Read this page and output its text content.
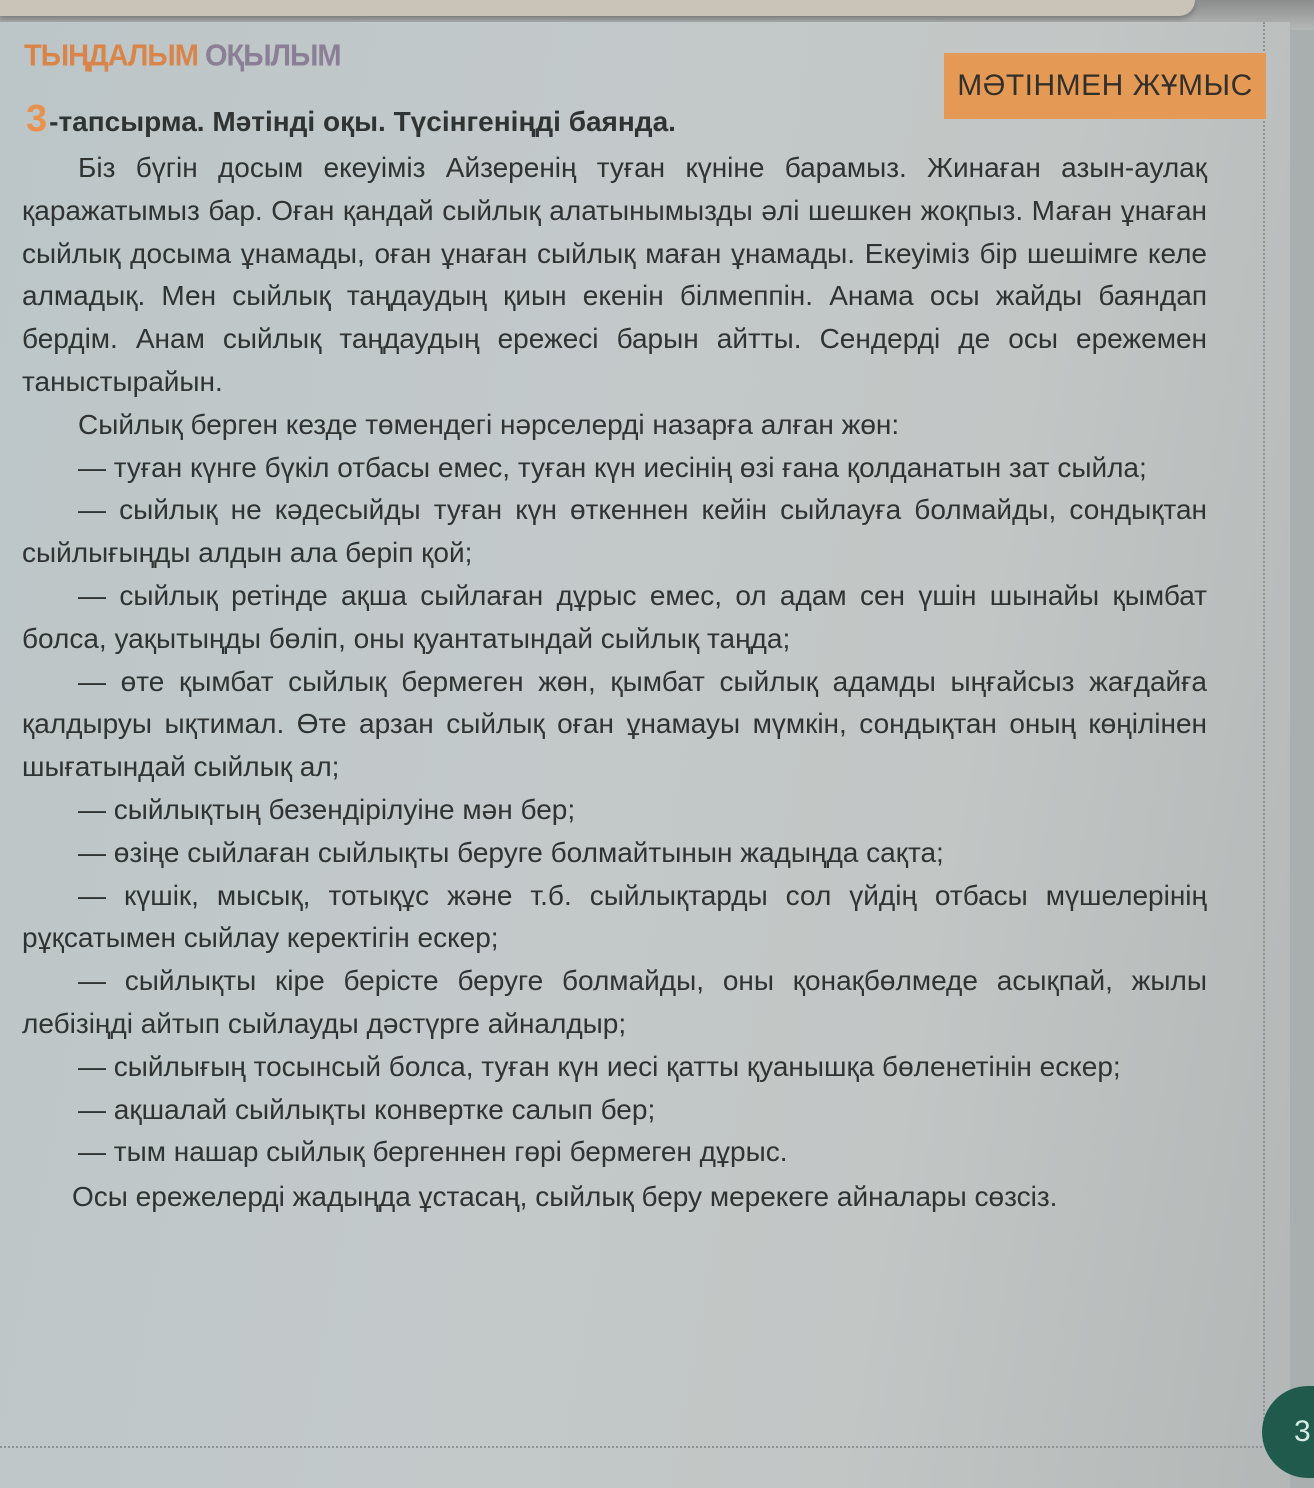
ТЫҢДАЛЫМ ОҚЫЛЫМ
МӘТІНМЕН ЖҰМЫС

3-тапсырма. Мәтінді оқы. Түсінгеніңді баянда.

Біз бүгін досым екеуіміз Айзеренің туған күніне барамыз. Жинаған азын-аулақ қаражатымыз бар. Оған қандай сыйлық алатынымызды әлі шешкен жоқпыз. Маған ұнаған сыйлық досыма ұнамады, оған ұнаған сыйлық маған ұнамады. Екеуіміз бір шешімге келе алмадық. Мен сыйлық таңдаудың қиын екенін білмеппін. Анама осы жайды баяндап бердім. Анам сыйлық таңдаудың ережесі барын айтты. Сендерді де осы ережемен таныстырайын.

Сыйлық берген кезде төмендегі нәрселерді назарға алған жөн:

— туған күнге бүкіл отбасы емес, туған күн иесінің өзі ғана қолданатын зат сыйла;

— сыйлық не кәдесыйды туған күн өткеннен кейін сыйлауға болмайды, сондықтан сыйлығыңды алдын ала беріп қой;

— сыйлық ретінде ақша сыйлаған дұрыс емес, ол адам сен үшін шынайы қымбат болса, уақытыңды бөліп, оны қуантатындай сыйлық таңда;

— өте қымбат сыйлық бермеген жөн, қымбат сыйлық адамды ыңғайсыз жағдайға қалдыруы ықтимал. Өте арзан сыйлық оған ұнамауы мүмкін, сондықтан оның көңілінен шығатындай сыйлық ал;

— сыйлықтың безендірілуіне мән бер;

— өзіңе сыйлаған сыйлықты беруге болмайтынын жадыңда сақта;

— күшік, мысық, тотықұс және т.б. сыйлықтарды сол үйдің отбасы мүшелерінің рұқсатымен сыйлау керектігін ескер;

— сыйлықты кіре берісте беруге болмайды, оны қонақбөлмеде асықпай, жылы лебізіңді айтып сыйлауды дәстүрге айналдыр;

— сыйлығың тосынсый болса, туған күн иесі қатты қуанышқа бөленетінін ескер;

— ақшалай сыйлықты конвертке салып бер;

— тым нашар сыйлық бергеннен гөрі бермеген дұрыс.

Осы ережелерді жадыңда ұстасаң, сыйлық беру мерекеге айналары сөзсіз.

3
